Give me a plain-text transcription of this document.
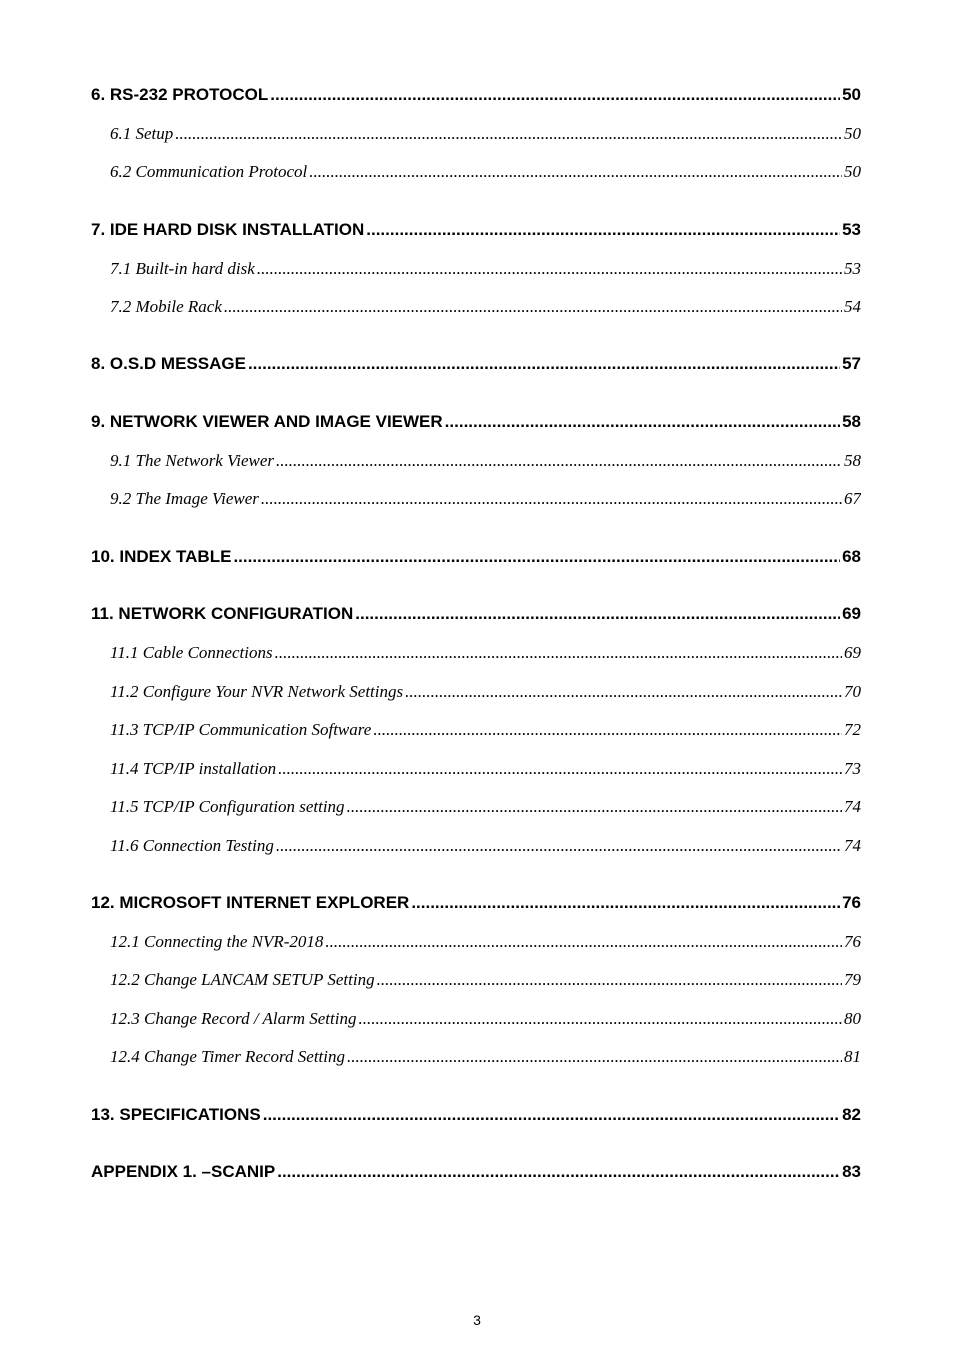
6. RS-232 PROTOCOL .....	50
6.1 Setup .....	50
6.2 Communication Protocol .....	50
7. IDE HARD DISK INSTALLATION .....	53
7.1 Built-in hard disk .....	53
7.2 Mobile Rack .....	54
8. O.S.D MESSAGE .....	57
9. NETWORK VIEWER AND IMAGE VIEWER .....	58
9.1 The Network Viewer .....	58
9.2 The Image Viewer .....	67
10. INDEX TABLE .....	68
11. NETWORK CONFIGURATION .....	69
11.1 Cable Connections .....	69
11.2 Configure Your NVR Network Settings .....	70
11.3 TCP/IP Communication Software .....	72
11.4 TCP/IP installation .....	73
11.5 TCP/IP Configuration setting .....	74
11.6 Connection Testing .....	74
12. MICROSOFT INTERNET EXPLORER .....	76
12.1 Connecting the NVR-2018 .....	76
12.2 Change LANCAM SETUP Setting .....	79
12.3 Change Record / Alarm Setting .....	80
12.4 Change Timer Record Setting .....	81
13. SPECIFICATIONS .....	82
APPENDIX 1. –SCANIP .....	83
3
